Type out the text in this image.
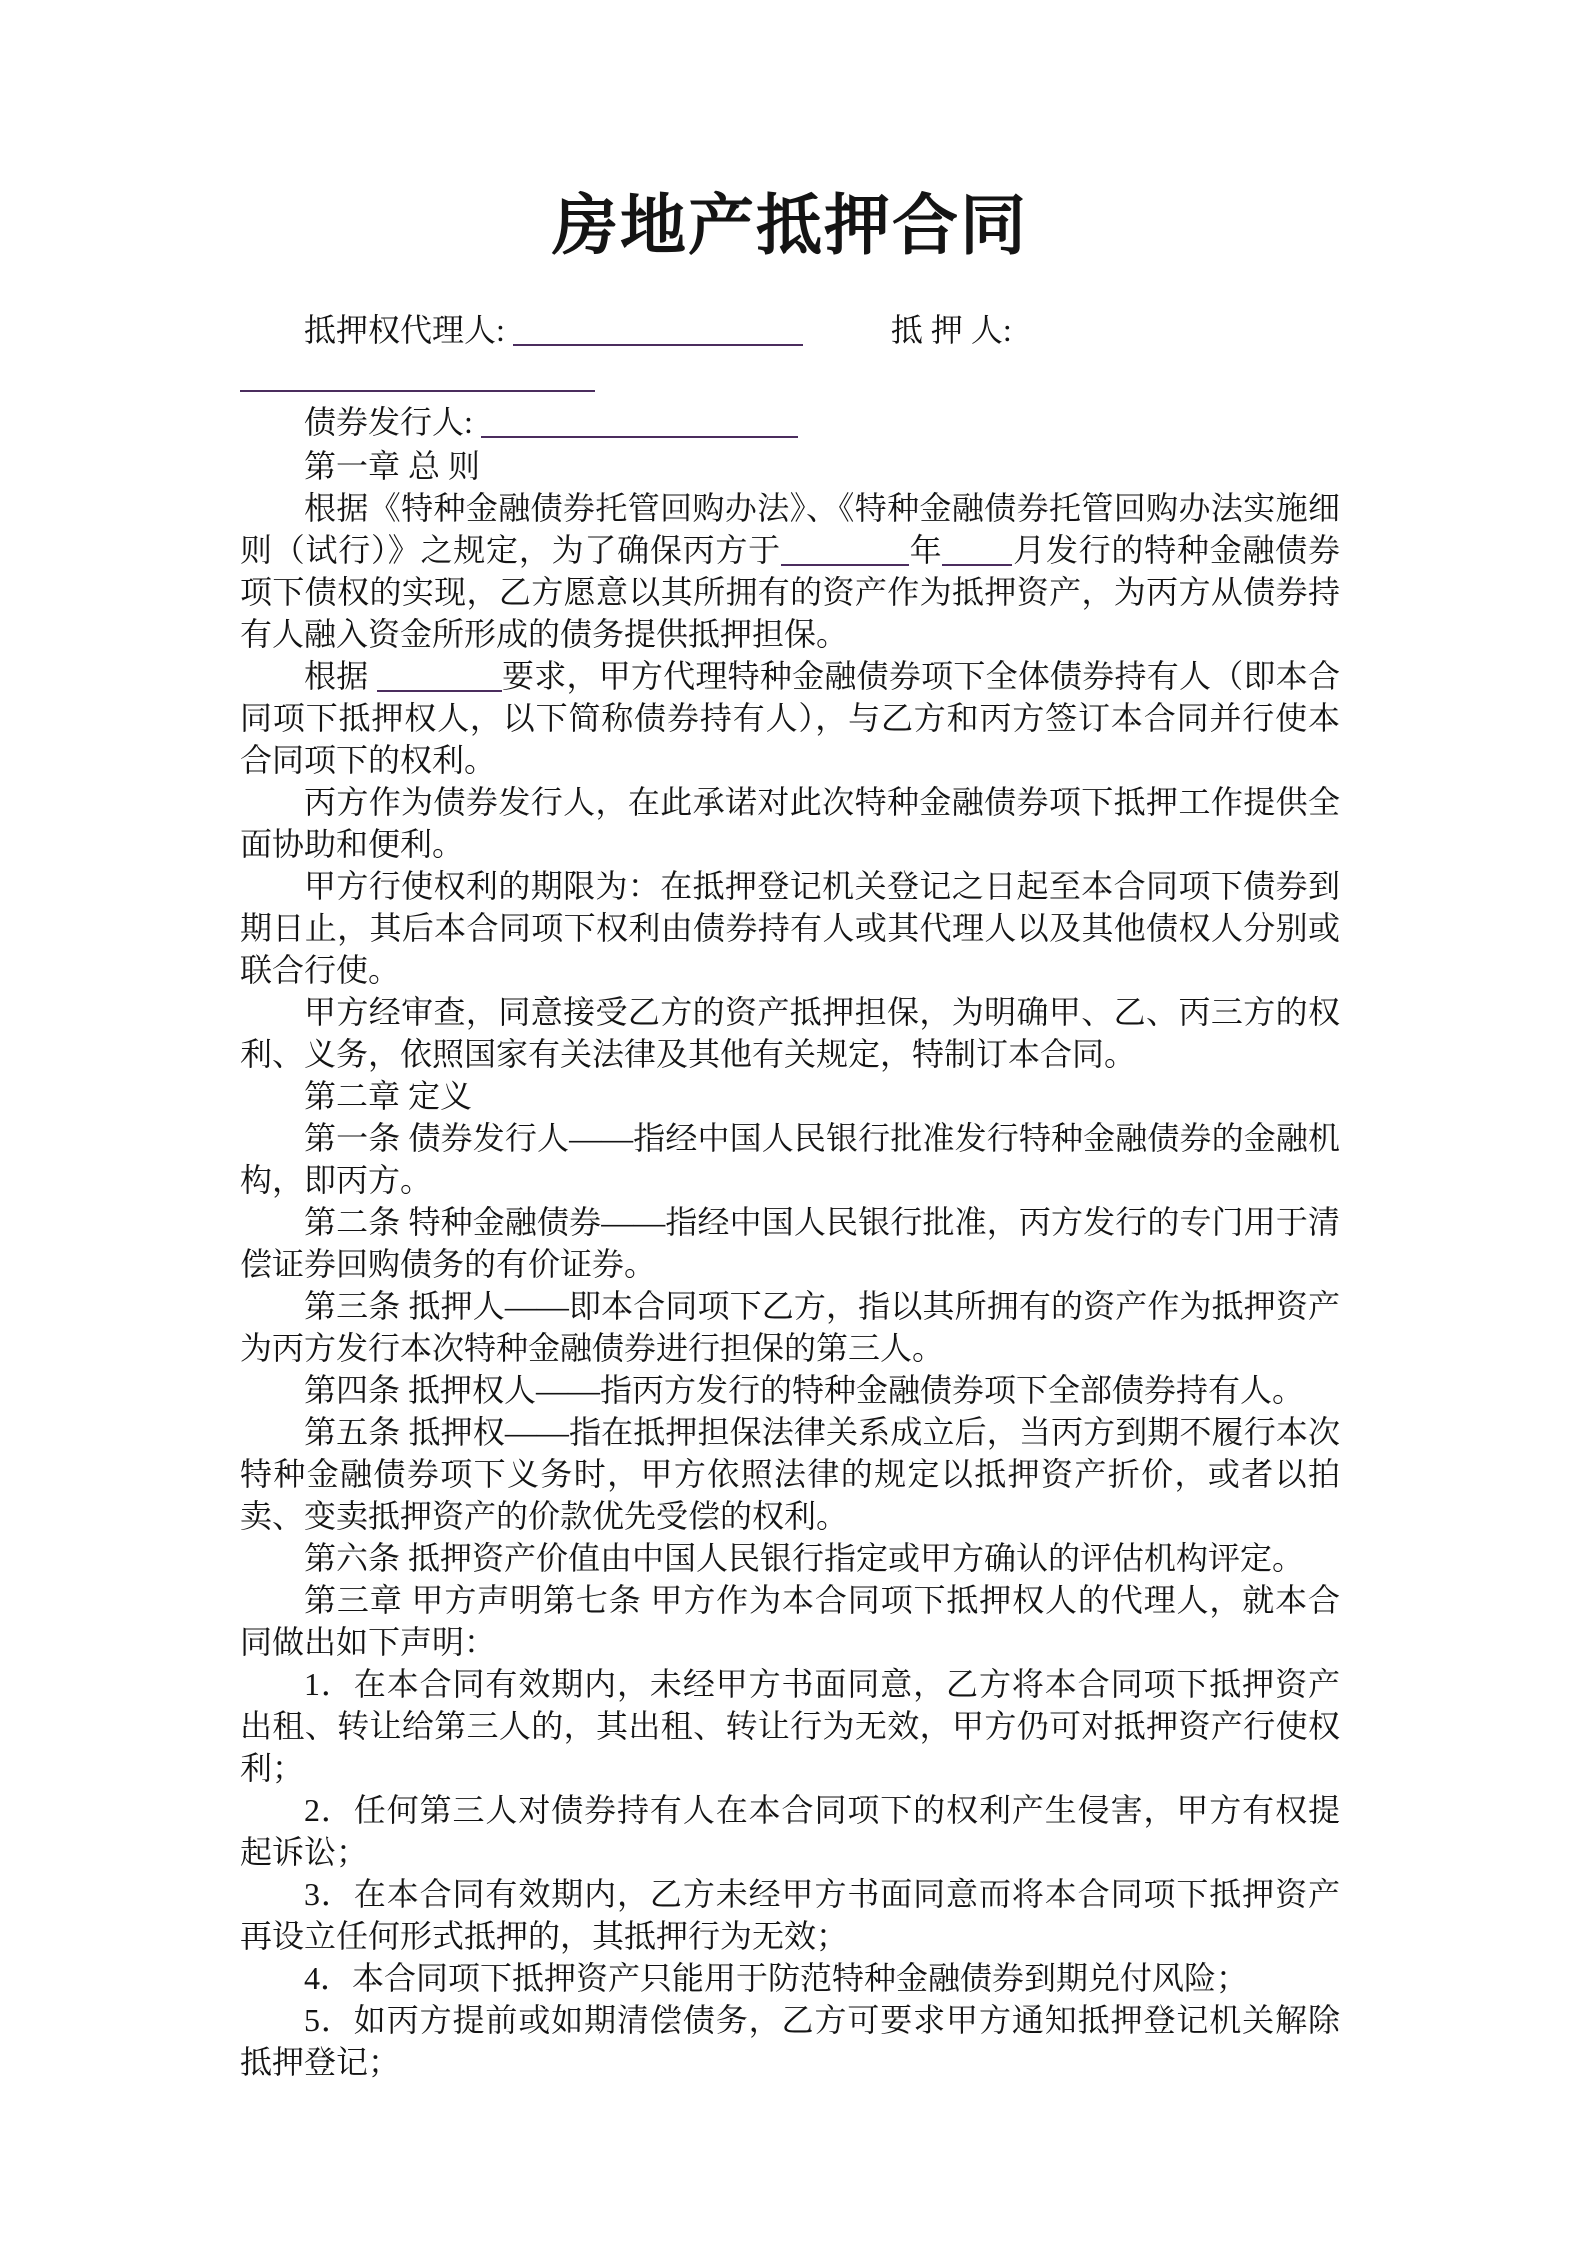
房地产抵押合同
抵押权代理人:	抵 押 人:
债券发行人:

第一章 总 则

根据《特种金融债券托管回购办法》、《特种金融债券托管回购办法实施细则（试行）》之规定，为了确保丙方于	年 月发行的特种金融债券项下债权的实现，乙方愿意以其所拥有的资产作为抵押资产，为丙方从债券持有人融入资金所形成的债务提供抵押担保。

根据	要求，甲方代理特种金融债券项下全体债券持有人（即本合同项下抵押权人，以下简称债券持有人），与乙方和丙方签订本合同并行使本合同项下的权利。

丙方作为债券发行人，在此承诺对此次特种金融债券项下抵押工作提供全面协助和便利。

甲方行使权利的期限为：在抵押登记机关登记之日起至本合同项下债券到期日止，其后本合同项下权利由债券持有人或其代理人以及其他债权人分别或联合行使。

甲方经审查，同意接受乙方的资产抵押担保，为明确甲、乙、丙三方的权利、义务，依照国家有关法律及其他有关规定，特制订本合同。

第二章 定义

第一条 债券发行人——指经中国人民银行批准发行特种金融债券的金融机构，即丙方。

第二条 特种金融债券——指经中国人民银行批准，丙方发行的专门用于清偿证券回购债务的有价证券。

第三条 抵押人——即本合同项下乙方，指以其所拥有的资产作为抵押资产为丙方发行本次特种金融债券进行担保的第三人。

第四条 抵押权人——指丙方发行的特种金融债券项下全部债券持有人。

第五条 抵押权——指在抵押担保法律关系成立后，当丙方到期不履行本次特种金融债券项下义务时，甲方依照法律的规定以抵押资产折价，或者以拍卖、变卖抵押资产的价款优先受偿的权利。

第六条 抵押资产价值由中国人民银行指定或甲方确认的评估机构评定。

第三章 甲方声明第七条 甲方作为本合同项下抵押权人的代理人，就本合同做出如下声明：

1．在本合同有效期内，未经甲方书面同意，乙方将本合同项下抵押资产出租、转让给第三人的，其出租、转让行为无效，甲方仍可对抵押资产行使权利；

2．任何第三人对债券持有人在本合同项下的权利产生侵害，甲方有权提起诉讼；

3．在本合同有效期内，乙方未经甲方书面同意而将本合同项下抵押资产再设立任何形式抵押的，其抵押行为无效；

4．本合同项下抵押资产只能用于防范特种金融债券到期兑付风险；

5．如丙方提前或如期清偿债务，乙方可要求甲方通知抵押登记机关解除抵押登记；
